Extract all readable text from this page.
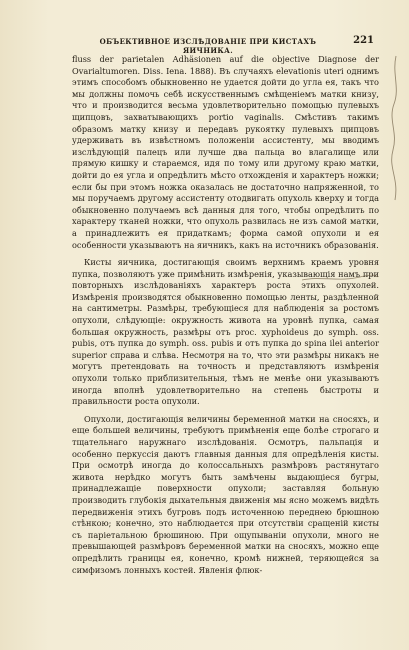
ОБЪЕКТИВНОЕ ИЗСЛѢДОВАНІЕ ПРИ КИСТАХЪ ЯИЧНИКА.
221

fluss der parietalen Adhäsionen auf die objective Diagnose der Ovarialtumoren. Diss. Iena. 1888). Въ случаяхъ elevationis uteri однимъ этимъ способомъ обыкновенно не удается дойти до угла ея, такъ что мы должны помочь себѣ искусственнымъ смѣщеніемъ матки книзу, что и производится весьма удовлетворительно помощью пулевыхъ щипцовъ, захватывающихъ portio vaginalis. Смѣстивъ такимъ образомъ матку книзу и передавъ рукоятку пулевыхъ щипцовъ удерживать въ извѣстномъ положеніи ассистенту, мы вводимъ изслѣдующій палецъ или лучше два пальца во влагалище или прямую кишку и стараемся, идя по тому или другому краю матки, дойти до ея угла и опредѣлить мѣсто отхожденія и характеръ ножки; если бы при этомъ ножка оказалась не достаточно напряженной, то мы поручаемъ другому ассистенту отодвигать опухоль кверху и тогда обыкновенно получаемъ всѣ данныя для того, чтобы опредѣлить по характеру тканей ножки, что опухоль развилась не изъ самой матки, а принадлежитъ ея придаткамъ; форма самой опухоли и ея особенности указываютъ на яичникъ, какъ на источникъ образованія.

Кисты яичника, достигающія своимъ верхнимъ краемъ уровня пупка, позволяютъ уже примѣнить измѣренія, указывающія намъ при повторныхъ изслѣдованіяхъ характеръ роста этихъ опухолей. Измѣренія производятся обыкновенно помощью ленты, раздѣленной на сантиметры. Размѣры, требующіеся для наблюденія за ростомъ опухоли, слѣдующіе: окружность живота на уровнѣ пупка, самая большая окружность, размѣры отъ proc. xyphoideus до symph. oss. pubis, отъ пупка до symph. oss. pubis и отъ пупка до spina ilei anterior superior справа и слѣва. Несмотря на то, что эти размѣры никакъ не могутъ претендовать на точность и представляютъ измѣренія опухоли только приблизительныя, тѣмъ не менѣе они указываютъ иногда вполнѣ удовлетворительно на степень быстроты и правильности роста опухоли.

Опухоли, достигающія величины беременной матки на сносяхъ, и еще большей величины, требуютъ примѣненія еще болѣе строгаго и тщательнаго наружнаго изслѣдованія. Осмотръ, пальпація и особенно перкуссія даютъ главныя данныя для опредѣленія кисты. При осмотрѣ иногда до колоссальныхъ размѣровъ растянутаго живота нерѣдко могутъ быть замѣчены выдающіеся бугры, принадлежащіе поверхности опухоли; заставляя больную производить глубокія дыхательныя движенія мы ясно можемъ видѣть передвиженія этихъ бугровъ подъ источенною переднею брюшною стѣнкою; конечно, это наблюдается при отсутствіи сращеній кисты съ паріетальною брюшиною. При ощупываніи опухоли, много не превышающей размѣровъ беременной матки на сносяхъ, можно еще опредѣлить границы ея, конечно, кромѣ нижней, теряющейся за симфизомъ лонныхъ костей. Явленія флюк-
